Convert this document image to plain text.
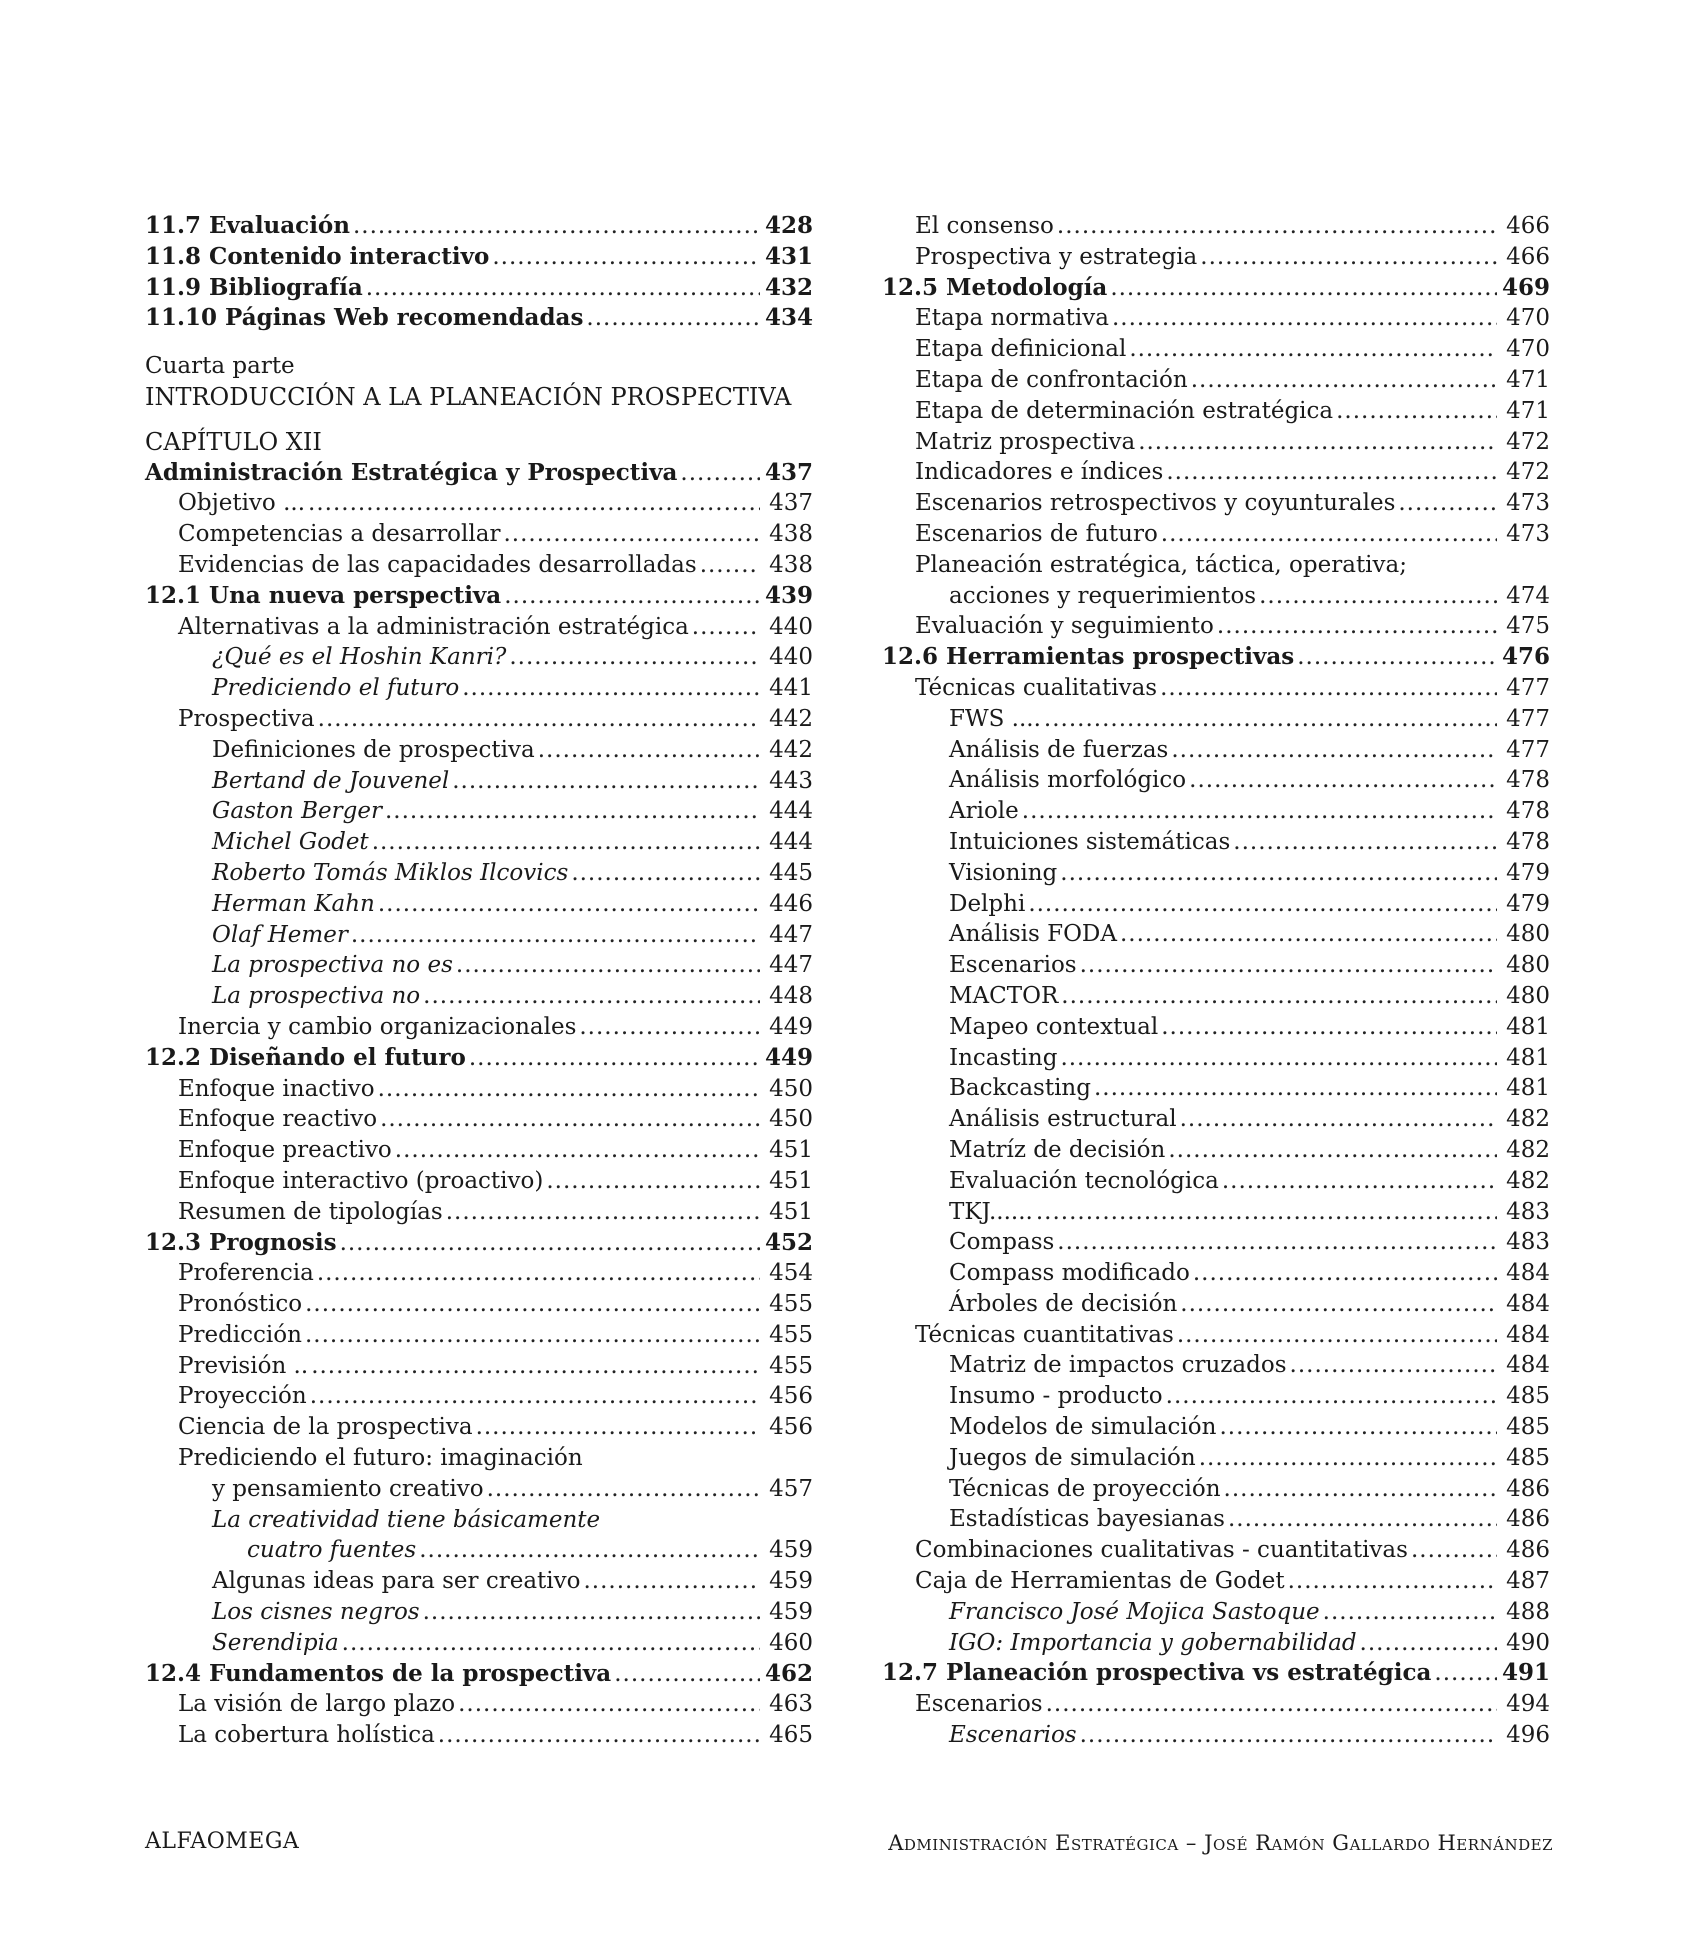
11.7 Evaluación .....	428
11.8 Contenido interactivo .....	431
11.9 Bibliografía .....	432
11.10 Páginas Web recomendadas .....	434
Cuarta parte
INTRODUCCIÓN A LA PLANEACIÓN PROSPECTIVA
CAPÍTULO XII
Administración Estratégica y Prospectiva .....	437
Objetivo ... .....	437
Competencias a desarrollar .....	438
Evidencias de las capacidades desarrolladas .....	438
12.1 Una nueva perspectiva .....	439
Alternativas a la administración estratégica .....	440
¿Qué es el Hoshin Kanri? .....	440
Prediciendo el futuro .....	441
Prospectiva .....	442
Definiciones de prospectiva .....	442
Bertand de Jouvenel .....	443
Gaston Berger .....	444
Michel Godet .....	444
Roberto Tomás Miklos Ilcovics .....	445
Herman Kahn .....	446
Olaf Hemer .....	447
La prospectiva no es .....	447
La prospectiva no .....	448
Inercia y cambio organizacionales .....	449
12.2 Diseñando el futuro .....	449
Enfoque inactivo .....	450
Enfoque reactivo .....	450
Enfoque preactivo .....	451
Enfoque interactivo (proactivo) .....	451
Resumen de tipologías .....	451
12.3 Prognosis .....	452
Proferencia .....	454
Pronóstico .....	455
Predicción .....	455
Previsión .. .....	455
Proyección .....	456
Ciencia de la prospectiva .....	456
Prediciendo el futuro: imaginación
y pensamiento creativo .....	457
La creatividad tiene básicamente
cuatro fuentes .....	459
Algunas ideas para ser creativo .....	459
Los cisnes negros .....	459
Serendipia .....	460
12.4 Fundamentos de la prospectiva .....	462
La visión de largo plazo .....	463
La cobertura holística .....	465
El consenso .....	466
Prospectiva y estrategia .....	466
12.5 Metodología .....	469
Etapa normativa .....	470
Etapa definicional .....	470
Etapa de confrontación .....	471
Etapa de determinación estratégica .....	471
Matriz prospectiva .....	472
Indicadores e índices .....	472
Escenarios retrospectivos y coyunturales .....	473
Escenarios de futuro .....	473
Planeación estratégica, táctica, operativa;
acciones y requerimientos .....	474
Evaluación y seguimiento .....	475
12.6 Herramientas prospectivas .....	476
Técnicas cualitativas .....	477
FWS .... .....	477
Análisis de fuerzas .....	477
Análisis morfológico .....	478
Ariole .....	478
Intuiciones sistemáticas .....	478
Visioning .....	479
Delphi .....	479
Análisis FODA .....	480
Escenarios .....	480
MACTOR .....	480
Mapeo contextual .....	481
Incasting .....	481
Backcasting .....	481
Análisis estructural .....	482
Matríz de decisión .....	482
Evaluación tecnológica .....	482
TKJ...... .....	483
Compass .....	483
Compass modificado .....	484
Árboles de decisión .....	484
Técnicas cuantitativas .....	484
Matriz de impactos cruzados .....	484
Insumo - producto .....	485
Modelos de simulación .....	485
Juegos de simulación .....	485
Técnicas de proyección .....	486
Estadísticas bayesianas .....	486
Combinaciones cualitativas - cuantitativas .....	486
Caja de Herramientas de Godet .....	487
Francisco José Mojica Sastoque .....	488
IGO: Importancia y gobernabilidad .....	490
12.7 Planeación prospectiva vs estratégica .....	491
Escenarios .....	494
Escenarios .....	496
ALFAOMEGA	Administración Estratégica – José Ramón Gallardo Hernández
